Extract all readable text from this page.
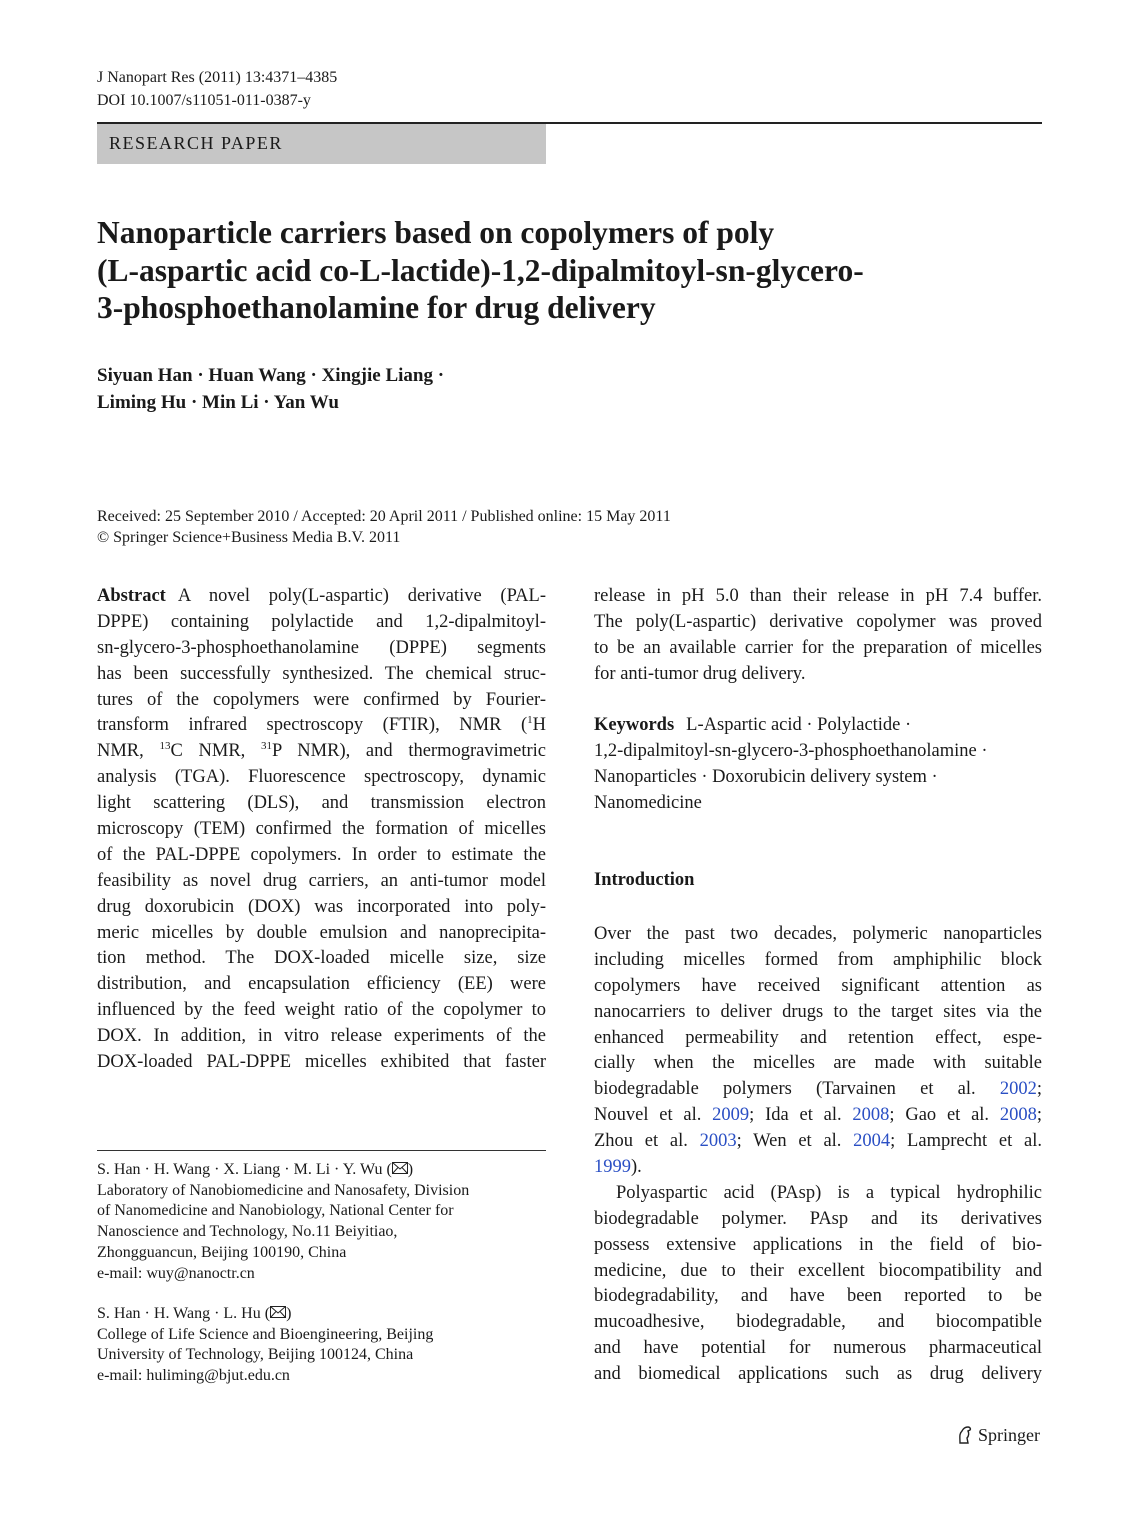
J Nanopart Res (2011) 13:4371–4385
DOI 10.1007/s11051-011-0387-y
RESEARCH PAPER
Nanoparticle carriers based on copolymers of poly
(L-aspartic acid co-L-lactide)-1,2-dipalmitoyl-sn-glycero-
3-phosphoethanolamine for drug delivery
Siyuan Han · Huan Wang · Xingjie Liang ·
Liming Hu · Min Li · Yan Wu
Received: 25 September 2010 / Accepted: 20 April 2011 / Published online: 15 May 2011
© Springer Science+Business Media B.V. 2011
Abstract A novel poly(L-aspartic) derivative (PAL-
DPPE) containing polylactide and 1,2-dipalmitoyl-
sn-glycero-3-phosphoethanolamine (DPPE) segments
has been successfully synthesized. The chemical struc-
tures of the copolymers were confirmed by Fourier-
transform infrared spectroscopy (FTIR), NMR ($^1$H
NMR, $^{13}$C NMR, $^{31}$P NMR), and thermogravimetric
analysis (TGA). Fluorescence spectroscopy, dynamic
light scattering (DLS), and transmission electron
microscopy (TEM) confirmed the formation of micelles
of the PAL-DPPE copolymers. In order to estimate the
feasibility as novel drug carriers, an anti-tumor model
drug doxorubicin (DOX) was incorporated into poly-
meric micelles by double emulsion and nanoprecipita-
tion method. The DOX-loaded micelle size, size
distribution, and encapsulation efficiency (EE) were
influenced by the feed weight ratio of the copolymer to
DOX. In addition, in vitro release experiments of the
DOX-loaded PAL-DPPE micelles exhibited that faster
release in pH 5.0 than their release in pH 7.4 buffer.
The poly(L-aspartic) derivative copolymer was proved
to be an available carrier for the preparation of micelles
for anti-tumor drug delivery.
Keywords L-Aspartic acid · Polylactide ·
1,2-dipalmitoyl-sn-glycero-3-phosphoethanolamine ·
Nanoparticles · Doxorubicin delivery system ·
Nanomedicine
Introduction
Over the past two decades, polymeric nanoparticles
including micelles formed from amphiphilic block
copolymers have received significant attention as
nanocarriers to deliver drugs to the target sites via the
enhanced permeability and retention effect, espe-
cially when the micelles are made with suitable
biodegradable polymers (Tarvainen et al. 2002;
Nouvel et al. 2009; Ida et al. 2008; Gao et al. 2008;
Zhou et al. 2003; Wen et al. 2004; Lamprecht et al.
1999).
Polyaspartic acid (PAsp) is a typical hydrophilic
biodegradable polymer. PAsp and its derivatives
possess extensive applications in the field of bio-
medicine, due to their excellent biocompatibility and
biodegradability, and have been reported to be
mucoadhesive, biodegradable, and biocompatible
and have potential for numerous pharmaceutical
and biomedical applications such as drug delivery
S. Han · H. Wang · X. Liang · M. Li · Y. Wu ( )
Laboratory of Nanobiomedicine and Nanosafety, Division
of Nanomedicine and Nanobiology, National Center for
Nanoscience and Technology, No.11 Beiyitiao,
Zhongguancun, Beijing 100190, China
e-mail: wuy@nanoctr.cn
S. Han · H. Wang · L. Hu ( )
College of Life Science and Bioengineering, Beijing
University of Technology, Beijing 100124, China
e-mail: huliming@bjut.edu.cn
Springer
